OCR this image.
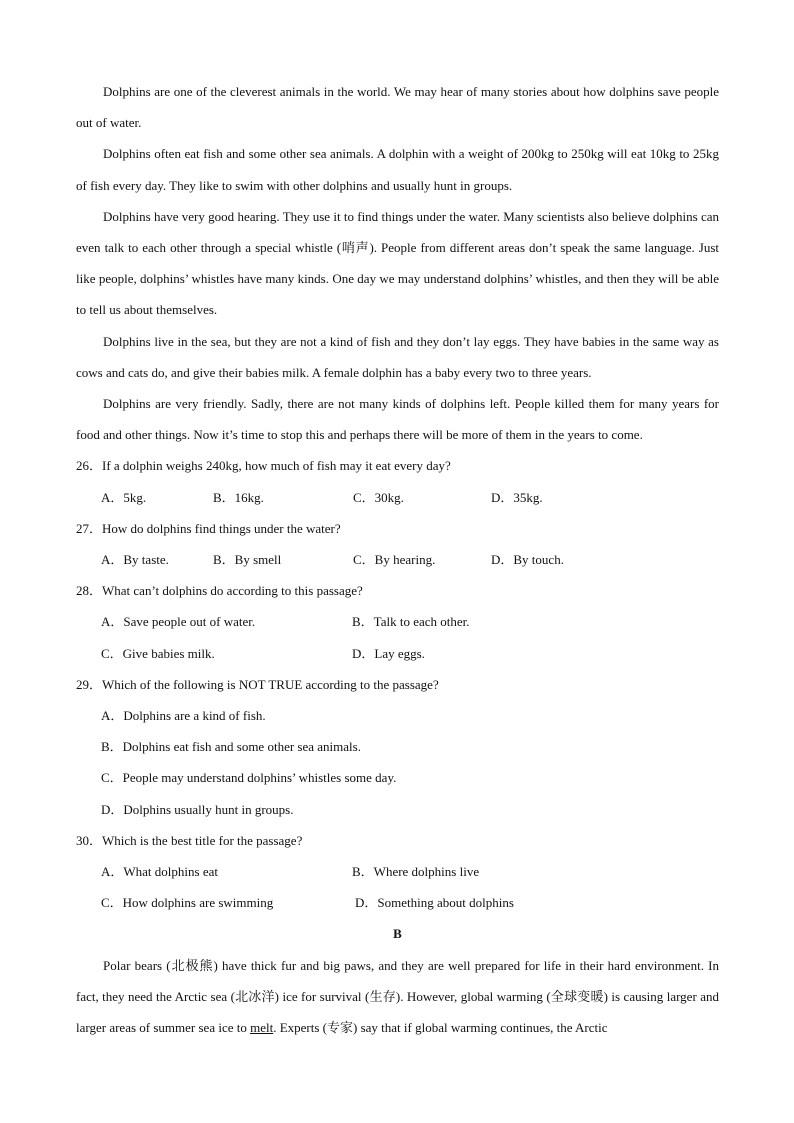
Dolphins are one of the cleverest animals in the world. We may hear of many stories about how dolphins save people out of water.

Dolphins often eat fish and some other sea animals. A dolphin with a weight of 200kg to 250kg will eat 10kg to 25kg of fish every day. They like to swim with other dolphins and usually hunt in groups.

Dolphins have very good hearing. They use it to find things under the water. Many scientists also believe dolphins can even talk to each other through a special whistle (哨声). People from different areas don’t speak the same language. Just like people, dolphins’ whistles have many kinds. One day we may understand dolphins’ whistles, and then they will be able to tell us about themselves.

Dolphins live in the sea, but they are not a kind of fish and they don’t lay eggs. They have babies in the same way as cows and cats do, and give their babies milk. A female dolphin has a baby every two to three years.

Dolphins are very friendly. Sadly, there are not many kinds of dolphins left. People killed them for many years for food and other things. Now it’s time to stop this and perhaps there will be more of them in the years to come.

26．If a dolphin weighs 240kg, how much of fish may it eat every day?

A．5kg.	B．16kg.	C．30kg.	D．35kg.

27．How do dolphins find things under the water?

A．By taste.	B．By smell	C．By hearing.	D．By touch.

28．What can’t dolphins do according to this passage?

A．Save people out of water.	B．Talk to each other.
C．Give babies milk.	D．Lay eggs.

29．Which of the following is NOT TRUE according to the passage?

A．Dolphins are a kind of fish.

B．Dolphins eat fish and some other sea animals.

C．People may understand dolphins’ whistles some day.

D．Dolphins usually hunt in groups.

30．Which is the best title for the passage?

A．What dolphins eat	B．Where dolphins live
C．How dolphins are swimming	D．Something about dolphins

B

Polar bears (北极熊) have thick fur and big paws, and they are well prepared for life in their hard environment. In fact, they need the Arctic sea (北冰洋) ice for survival (生存). However, global warming (全球变暖) is causing larger and larger areas of summer sea ice to melt. Experts (专家) say that if global warming continues, the Arctic
